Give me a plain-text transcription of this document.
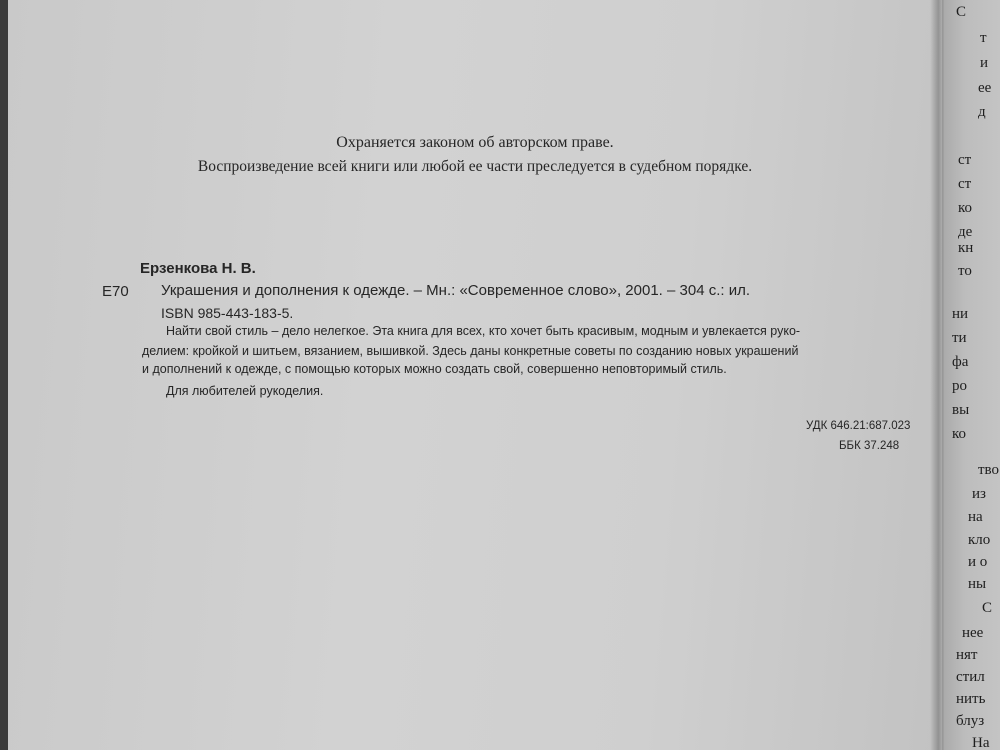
Охраняется законом об авторском праве.
Воспроизведение всей книги или любой ее части преследуется в судебном порядке.
Ерзенкова Н. В.
Е70 Украшения и дополнения к одежде. – Мн.: «Современное слово», 2001. – 304 с.: ил.
ISBN 985-443-183-5.
Найти свой стиль – дело нелегкое. Эта книга для всех, кто хочет быть красивым, модным и увлекается руко-
делием: кройкой и шитьем, вязанием, вышивкой. Здесь даны конкретные советы по созданию новых украшений
и дополнений к одежде, с помощью которых можно создать свой, совершенно неповторимый стиль.
Для любителей рукоделия.
УДК 646.21:687.023
ББК 37.248
С
т
и
ее
д
ст
ст
ко
де
кн
то
ни
ти
фа
ро
вы
ко
тво
из
на
кло
и о
ны
С
нее
нят
стил
нить
блуз
На
